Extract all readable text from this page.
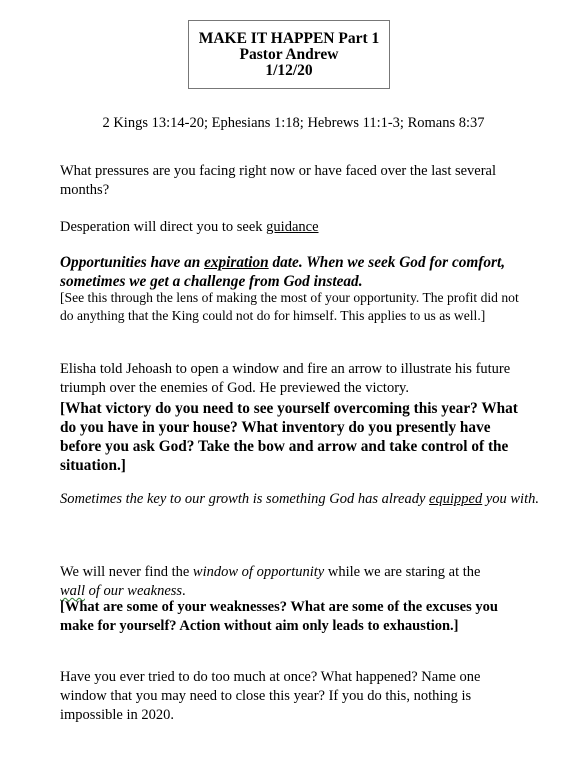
MAKE IT HAPPEN Part 1
Pastor Andrew
1/12/20
2 Kings 13:14-20; Ephesians 1:18; Hebrews 11:1-3; Romans 8:37
What pressures are you facing right now or have faced over the last several months?
Desperation will direct you to seek guidance
Opportunities have an expiration date. When we seek God for comfort, sometimes we get a challenge from God instead.
[See this through the lens of making the most of your opportunity. The profit did not do anything that the King could not do for himself. This applies to us as well.]
Elisha told Jehoash to open a window and fire an arrow to illustrate his future triumph over the enemies of God. He previewed the victory.
[What victory do you need to see yourself overcoming this year? What do you have in your house? What inventory do you presently have before you ask God? Take the bow and arrow and take control of the situation.]
Sometimes the key to our growth is something God has already equipped you with.
We will never find the window of opportunity while we are staring at the wall of our weakness.
[What are some of your weaknesses? What are some of the excuses you make for yourself? Action without aim only leads to exhaustion.]
Have you ever tried to do too much at once? What happened? Name one window that you may need to close this year? If you do this, nothing is impossible in 2020.
